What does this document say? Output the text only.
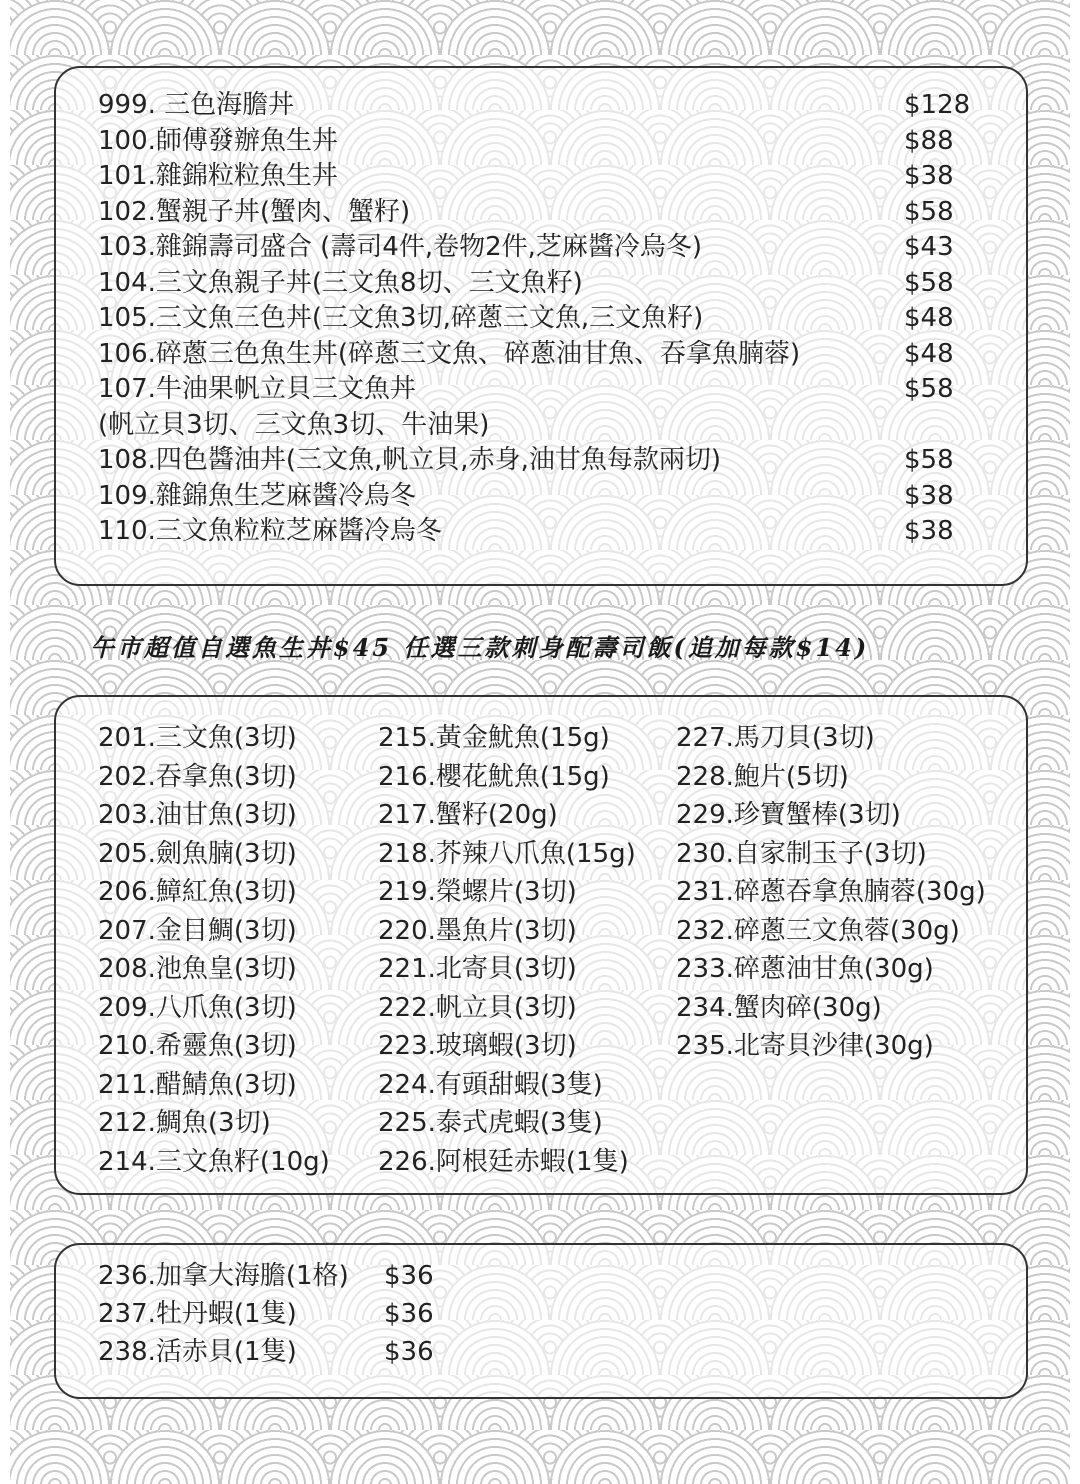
999. 三色海膽丼	$128
100.師傅發辦魚生丼	$88
101.雜錦粒粒魚生丼	$38
102.蟹親子丼(蟹肉、蟹籽)	$58
103.雜錦壽司盛合 (壽司4件,卷物2件,芝麻醬冷烏冬)	$43
104.三文魚親子丼(三文魚8切、三文魚籽)	$58
105.三文魚三色丼(三文魚3切,碎蔥三文魚,三文魚籽)	$48
106.碎蔥三色魚生丼(碎蔥三文魚、碎蔥油甘魚、吞拿魚腩蓉)	$48
107.牛油果帆立貝三文魚丼	$58
(帆立貝3切、三文魚3切、牛油果)
108.四色醬油丼(三文魚,帆立貝,赤身,油甘魚每款兩切)	$58
109.雜錦魚生芝麻醬冷烏冬	$38
110.三文魚粒粒芝麻醬冷烏冬	$38
午市超值自選魚生丼$45 任選三款刺身配壽司飯(追加每款$14)
201.三文魚(3切)
202.吞拿魚(3切)
203.油甘魚(3切)
205.劍魚腩(3切)
206.鱆紅魚(3切)
207.金目鯛(3切)
208.池魚皇(3切)
209.八爪魚(3切)
210.希靈魚(3切)
211.醋鯖魚(3切)
212.鯛魚(3切)
214.三文魚籽(10g)
215.黃金魷魚(15g)
216.櫻花魷魚(15g)
217.蟹籽(20g)
218.芥辣八爪魚(15g)
219.榮螺片(3切)
220.墨魚片(3切)
221.北寄貝(3切)
222.帆立貝(3切)
223.玻璃蝦(3切)
224.有頭甜蝦(3隻)
225.泰式虎蝦(3隻)
226.阿根廷赤蝦(1隻)
227.馬刀貝(3切)
228.鮑片(5切)
229.珍寶蟹棒(3切)
230.自家制玉子(3切)
231.碎蔥吞拿魚腩蓉(30g)
232.碎蔥三文魚蓉(30g)
233.碎蔥油甘魚(30g)
234.蟹肉碎(30g)
235.北寄貝沙律(30g)
236.加拿大海膽(1格) $36
237.牡丹蝦(1隻)	$36
238.活赤貝(1隻)	$36
